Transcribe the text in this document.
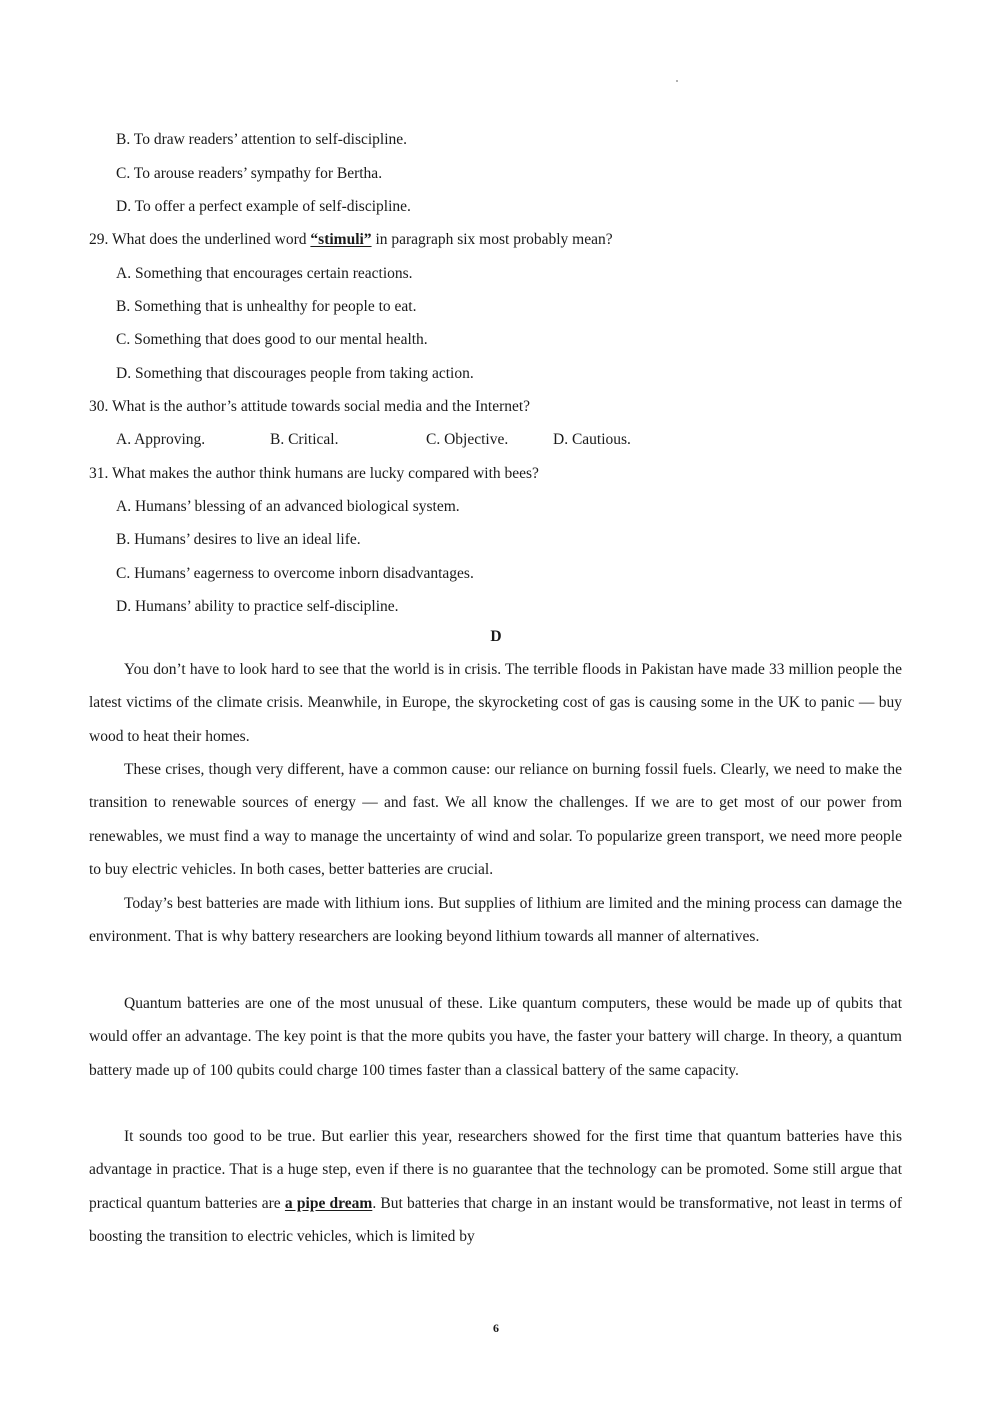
B. To draw readers’ attention to self-discipline.
C. To arouse readers’ sympathy for Bertha.
D. To offer a perfect example of self-discipline.
29. What does the underlined word “stimuli” in paragraph six most probably mean?
A. Something that encourages certain reactions.
B. Something that is unhealthy for people to eat.
C. Something that does good to our mental health.
D. Something that discourages people from taking action.
30. What is the author’s attitude towards social media and the Internet?
A. Approving.	B. Critical.	C. Objective.	D. Cautious.
31. What makes the author think humans are lucky compared with bees?
A. Humans’ blessing of an advanced biological system.
B. Humans’ desires to live an ideal life.
C. Humans’ eagerness to overcome inborn disadvantages.
D. Humans’ ability to practice self-discipline.
D

You don’t have to look hard to see that the world is in crisis. The terrible floods in Pakistan have made 33 million people the latest victims of the climate crisis. Meanwhile, in Europe, the skyrocketing cost of gas is causing some in the UK to panic — buy wood to heat their homes.

These crises, though very different, have a common cause: our reliance on burning fossil fuels. Clearly, we need to make the transition to renewable sources of energy — and fast. We all know the challenges. If we are to get most of our power from renewables, we must find a way to manage the uncertainty of wind and solar. To popularize green transport, we need more people to buy electric vehicles. In both cases, better batteries are crucial.

Today’s best batteries are made with lithium ions. But supplies of lithium are limited and the mining process can damage the environment. That is why battery researchers are looking beyond lithium towards all manner of alternatives.

Quantum batteries are one of the most unusual of these. Like quantum computers, these would be made up of qubits that would offer an advantage. The key point is that the more qubits you have, the faster your battery will charge. In theory, a quantum battery made up of 100 qubits could charge 100 times faster than a classical battery of the same capacity.

It sounds too good to be true. But earlier this year, researchers showed for the first time that quantum batteries have this advantage in practice. That is a huge step, even if there is no guarantee that the technology can be promoted. Some still argue that practical quantum batteries are a pipe dream. But batteries that charge in an instant would be transformative, not least in terms of boosting the transition to electric vehicles, which is limited by

6
